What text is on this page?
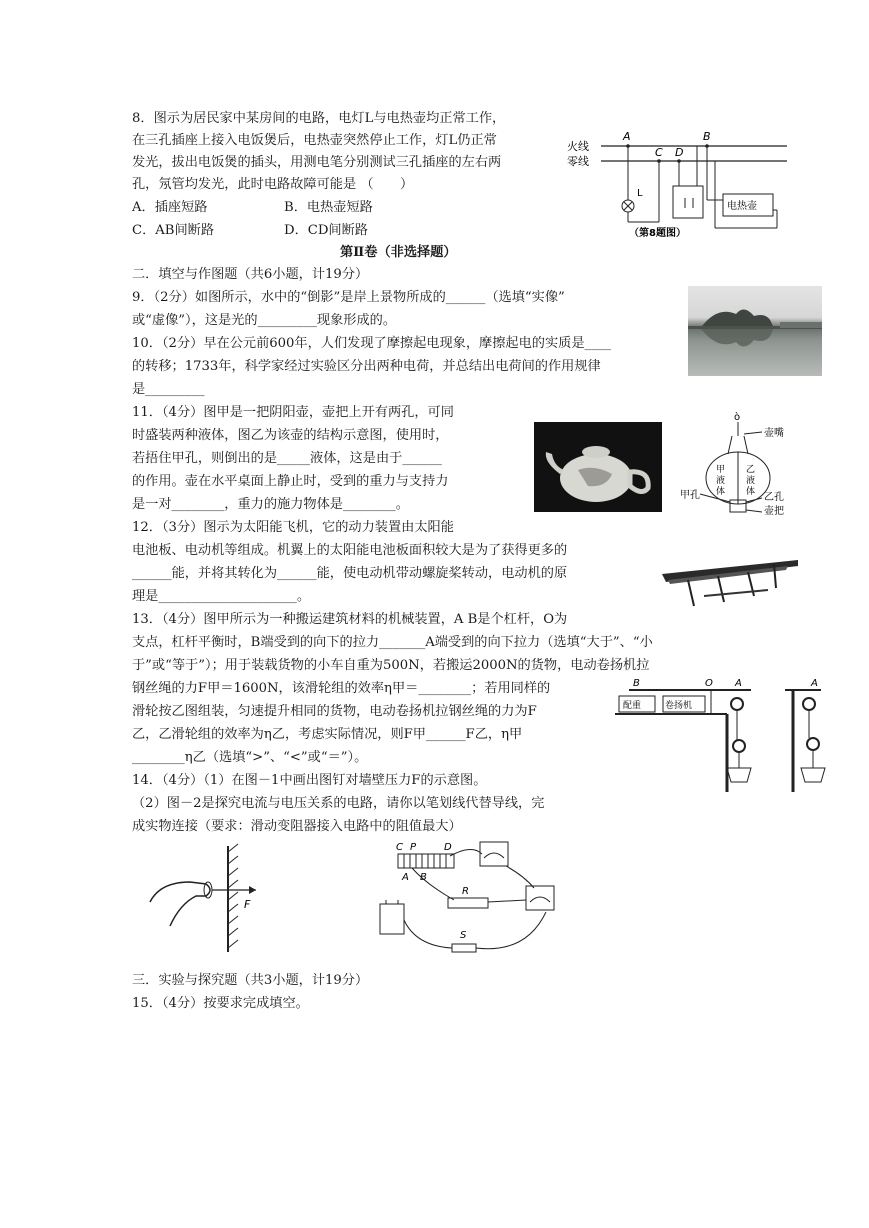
8．图示为居民家中某房间的电路，电灯L与电热壶均正常工作，
在三孔插座上接入电饭煲后，电热壶突然停止工作，灯L仍正常
发光，拔出电饭煲的插头，用测电笔分别测试三孔插座的左右两
孔，氖管均发光，此时电路故障可能是 （　　）
A．插座短路	B．电热壶短路
C．AB间断路	D．CD间断路
火线
零线
A	B
C D
L
电热壶
（第8题图）
第Ⅱ卷（非选择题）
二．填空与作图题（共6小题，计19分）
9．（2分）如图所示，水中的“倒影”是岸上景物所成的______（选填“实像”
或“虚像”），这是光的_________现象形成的。
10．（2分）早在公元前600年，人们发现了摩擦起电现象，摩擦起电的实质是____
的转移；1733年，科学家经过实验区分出两种电荷，并总结出电荷间的作用规律
是_________
11．（4分）图甲是一把阴阳壶，壶把上开有两孔，可同
时盛装两种液体，图乙为该壶的结构示意图，使用时，
若捂住甲孔，则倒出的是_____液体，这是由于______
的作用。壶在水平桌面上静止时，受到的重力与支持力
是一对________，重力的施力物体是________。
ò
壶嘴
甲
液
体
乙
液
体
甲孔	乙孔
壶把
12．（3分）图示为太阳能飞机，它的动力装置由太阳能
电池板、电动机等组成。机翼上的太阳能电池板面积较大是为了获得更多的
______能，并将其转化为______能，使电动机带动螺旋桨转动，电动机的原
理是_____________________。
13．（4分）图甲所示为一种搬运建筑材料的机械装置，A B是个杠杆，O为
支点，杠杆平衡时，B端受到的向下的拉力_______A端受到的向下拉力（选填“大于”、“小
于”或“等于”）；用于装载货物的小车自重为500N，若搬运2000N的货物，电动卷扬机拉
钢丝绳的力F甲＝1600N，该滑轮组的效率η甲＝________；若用同样的
滑轮按乙图组装，匀速提升相同的货物，电动卷扬机拉钢丝绳的力为F
乙，乙滑轮组的效率为η乙，考虑实际情况，则F甲______F乙，η甲
________η乙（选填“>”、“<”或“＝”）。
B	O A	A
配重	卷扬机
14．（4分）（1）在图－1中画出图钉对墙壁压力F的示意图。
（2）图－2是探究电流与电压关系的电路，请你以笔划线代替导线，完
成实物连接（要求：滑动变阻器接入电路中的阻值最大）
F
C P	D
A B
R
S
三．实验与探究题（共3小题，计19分）
15．（4分）按要求完成填空。
